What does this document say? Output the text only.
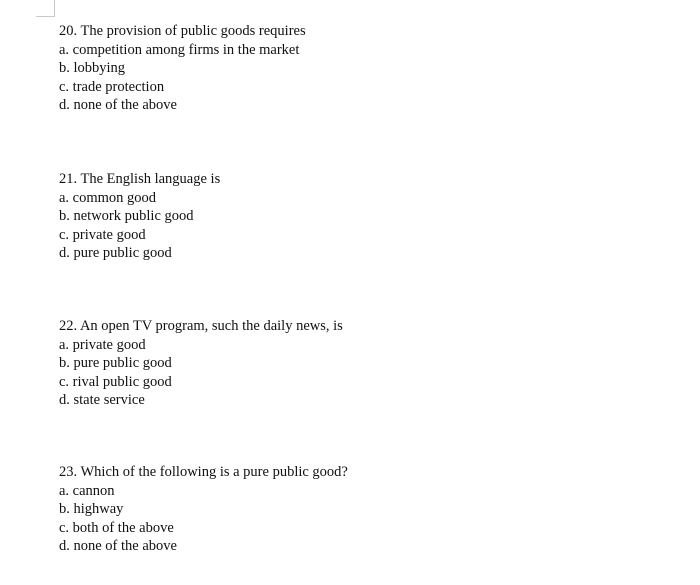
20. The provision of public goods requires
a. competition among firms in the market
b. lobbying
c. trade protection
d. none of the above
21. The English language is
a. common good
b. network public good
c. private good
d. pure public good
22. An open TV program, such the daily news, is
a. private good
b. pure public good
c. rival public good
d. state service
23. Which of the following is a pure public good?
a. cannon
b. highway
c. both of the above
d. none of the above
